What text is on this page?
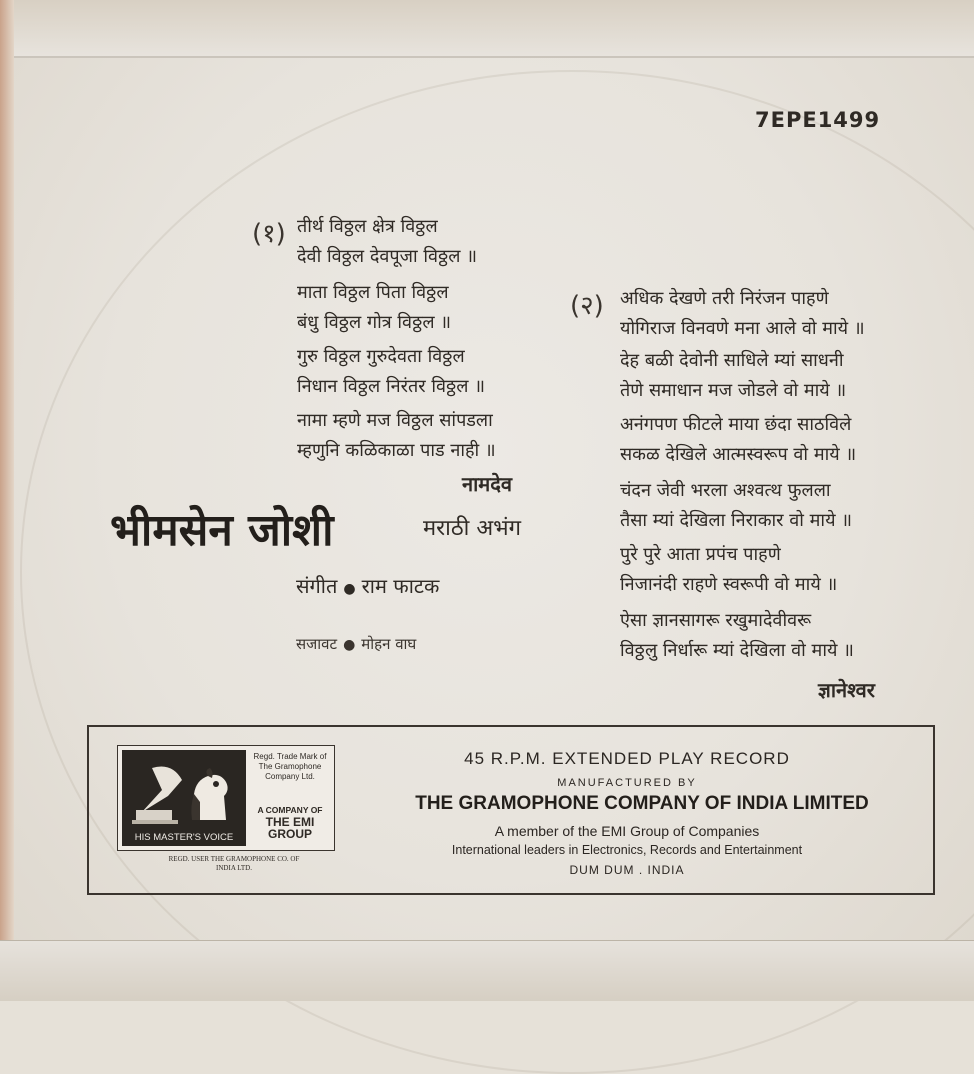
7EPE1499
(१) तीर्थ विठ्ठल क्षेत्र विठ्ठल
देवी विठ्ठल देवपूजा विठ्ठल ॥
माता विठ्ठल पिता विठ्ठल
बंधु विठ्ठल गोत्र विठ्ठल ॥
गुरु विठ्ठल गुरुदेवता विठ्ठल
निधान विठ्ठल निरंतर विठ्ठल ॥
नामा म्हणे मज विठ्ठल सांपडला
म्हणुनि कळिकाळा पाड नाही ॥
नामदेव
भीमसेन जोशी	मराठी अभंग
संगीत ● राम फाटक
सजावट ● मोहन वाघ
(२) अधिक देखणे तरी निरंजन पाहणे
योगिराज विनवणे मना आले वो माये ॥
देह बळी देवोनी साधिले म्यां साधनी
तेणे समाधान मज जोडले वो माये ॥
अनंगपण फीटले माया छंदा साठविले
सकळ देखिले आत्मस्वरूप वो माये ॥
चंदन जेवी भरला अश्वत्थ फुलला
तैसा म्यां देखिला निराकार वो माये ॥
पुरे पुरे आता प्रपंच पाहणे
निजानंदी राहणे स्वरूपी वो माये ॥
ऐसा ज्ञानसागरू रखुमादेवीवरू
विठ्ठलु निर्धारू म्यां देखिला वो माये ॥
ज्ञानेश्वर
HIS MASTER'S VOICE
Regd. Trade Mark of The Gramophone Company Ltd.
A COMPANY OF
THE EMI GROUP
REGD. USER THE GRAMOPHONE CO. OF INDIA LTD.
45 R.P.M. EXTENDED PLAY RECORD
MANUFACTURED BY
THE GRAMOPHONE COMPANY OF INDIA LIMITED
A member of the EMI Group of Companies
International leaders in Electronics, Records and Entertainment
DUM DUM . INDIA
